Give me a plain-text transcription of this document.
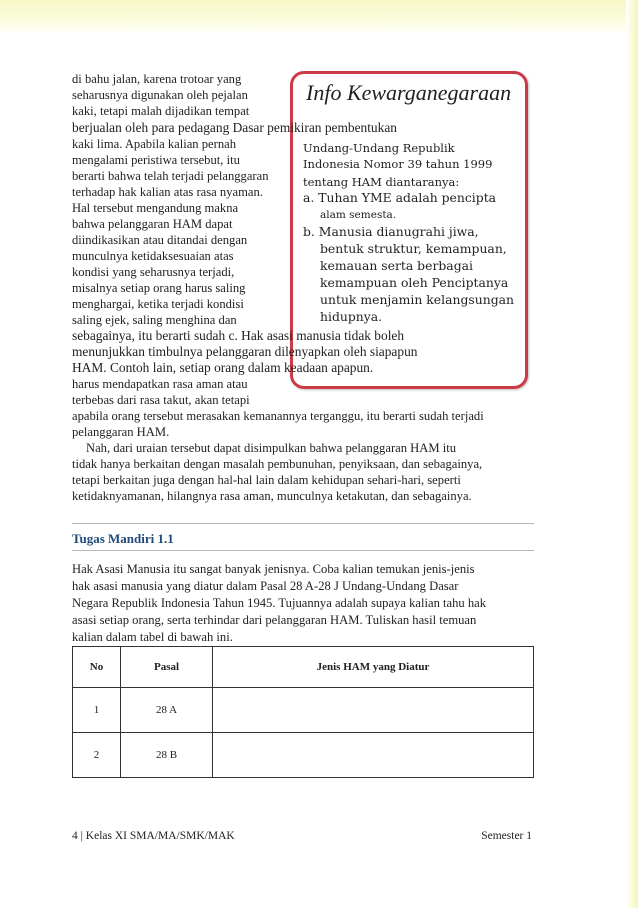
Info Kewarganegaraan
di bahu jalan, karena trotoar yang
seharusnya digunakan oleh pejalan
kaki, tetapi malah dijadikan tempat
berjualan oleh para pedagang Dasar pemikiran pembentukan
kaki lima. Apabila kalian pernah
mengalami peristiwa tersebut, itu
berarti bahwa telah terjadi pelanggaran
terhadap hak kalian atas rasa nyaman.
Hal tersebut mengandung makna
bahwa pelanggaran HAM dapat
diindikasikan atau ditandai dengan
munculnya ketidaksesuaian atas
kondisi yang seharusnya terjadi,
misalnya setiap orang harus saling
menghargai, ketika terjadi kondisi
saling ejek, saling menghina dan
sebagainya, itu berarti sudah c. Hak asasi manusia tidak boleh
menunjukkan timbulnya pelanggaran dilenyapkan oleh siapapun
HAM. Contoh lain, setiap orang dalam keadaan apapun.
harus mendapatkan rasa aman atau
terbebas dari rasa takut, akan tetapi
apabila orang tersebut merasakan kemanannya terganggu, itu berarti sudah terjadi
pelanggaran HAM.
Nah, dari uraian tersebut dapat disimpulkan bahwa pelanggaran HAM itu
tidak hanya berkaitan dengan masalah pembunuhan, penyiksaan, dan sebagainya,
tetapi berkaitan juga dengan hal-hal lain dalam kehidupan sehari-hari, seperti
ketidaknyamanan, hilangnya rasa aman, munculnya ketakutan, dan sebagainya.
Undang-Undang Republik
Indonesia Nomor 39 tahun 1999
tentang HAM diantaranya:
a. Tuhan YME adalah pencipta
alam semesta.
b. Manusia dianugrahi jiwa,
bentuk struktur, kemampuan,
kemauan serta berbagai
kemampuan oleh Penciptanya
untuk menjamin kelangsungan
hidupnya.
Tugas Mandiri 1.1
Hak Asasi Manusia itu sangat banyak jenisnya. Coba kalian temukan jenis-jenis
hak asasi manusia yang diatur dalam Pasal 28 A-28 J Undang-Undang Dasar
Negara Republik Indonesia Tahun 1945. Tujuannya adalah supaya kalian tahu hak
asasi setiap orang, serta terhindar dari pelanggaran HAM. Tuliskan hasil temuan
kalian dalam tabel di bawah ini.
No	Pasal	Jenis HAM yang Diatur
1	28 A	
2	28 B	
4 | Kelas XI SMA/MA/SMK/MAK	Semester 1
